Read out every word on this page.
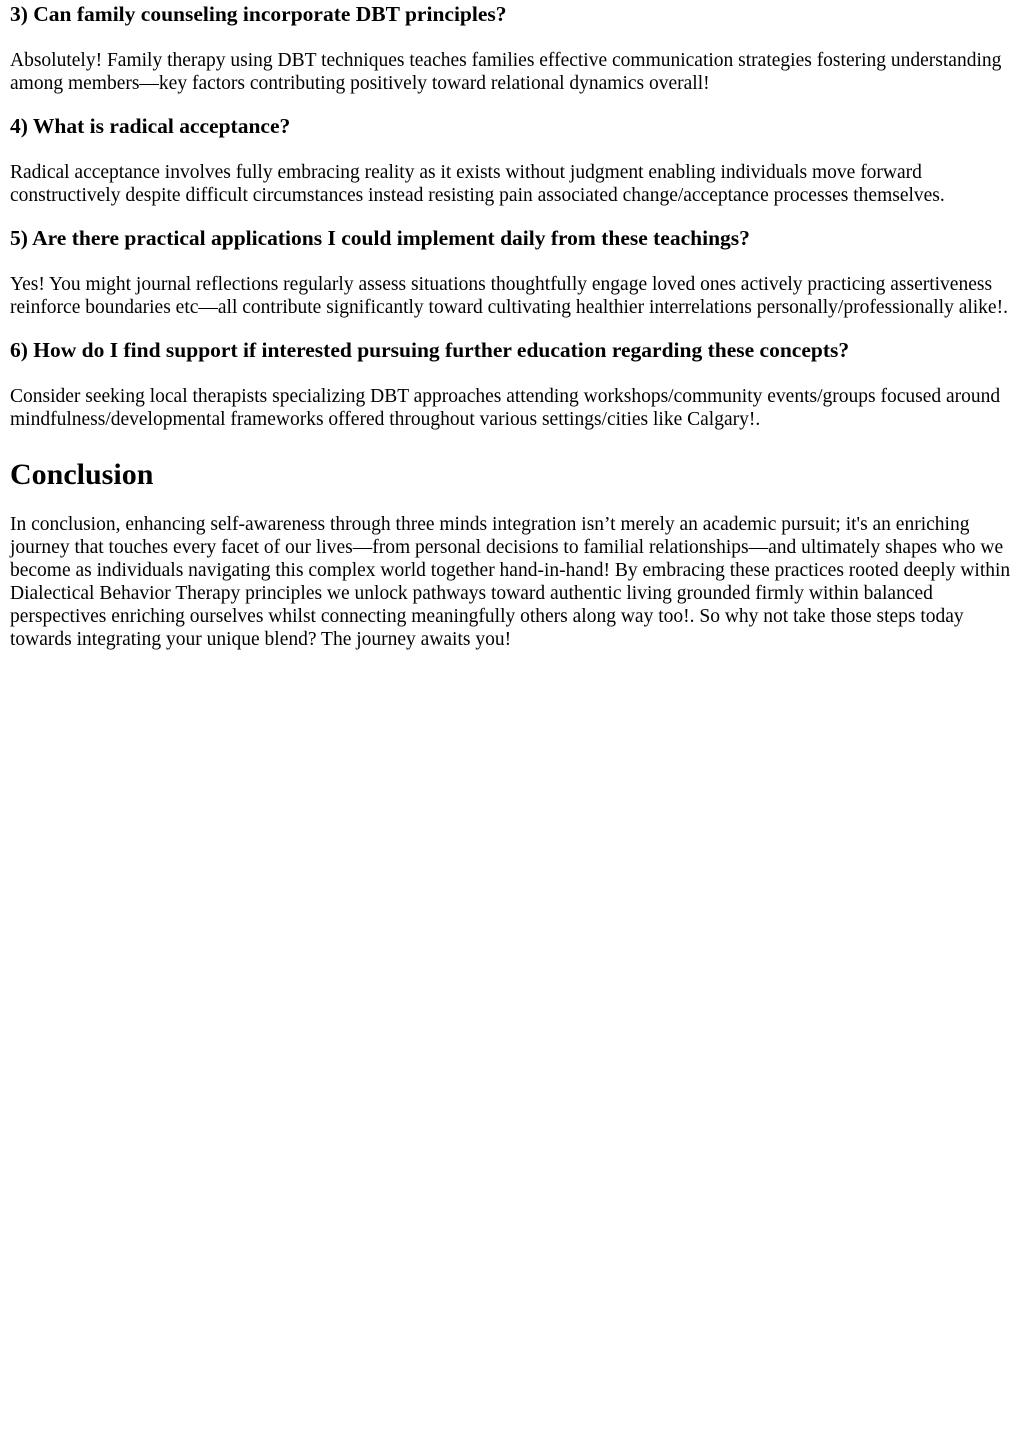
3) Can family counseling incorporate DBT principles?

Absolutely! Family therapy using DBT techniques teaches families effective communication strategies fostering understanding among members—key factors contributing positively toward relational dynamics overall!

4) What is radical acceptance?

Radical acceptance involves fully embracing reality as it exists without judgment enabling individuals move forward constructively despite difficult circumstances instead resisting pain associated change/acceptance processes themselves.

5) Are there practical applications I could implement daily from these teachings?

Yes! You might journal reflections regularly assess situations thoughtfully engage loved ones actively practicing assertiveness reinforce boundaries etc—all contribute significantly toward cultivating healthier interrelations personally/professionally alike!.

6) How do I find support if interested pursuing further education regarding these concepts?

Consider seeking local therapists specializing DBT approaches attending workshops/community events/groups focused around mindfulness/developmental frameworks offered throughout various settings/cities like Calgary!.

Conclusion

In conclusion, enhancing self-awareness through three minds integration isn’t merely an academic pursuit; it's an enriching journey that touches every facet of our lives—from personal decisions to familial relationships—and ultimately shapes who we become as individuals navigating this complex world together hand-in-hand! By embracing these practices rooted deeply within Dialectical Behavior Therapy principles we unlock pathways toward authentic living grounded firmly within balanced perspectives enriching ourselves whilst connecting meaningfully others along way too!. So why not take those steps today towards integrating your unique blend? The journey awaits you!
